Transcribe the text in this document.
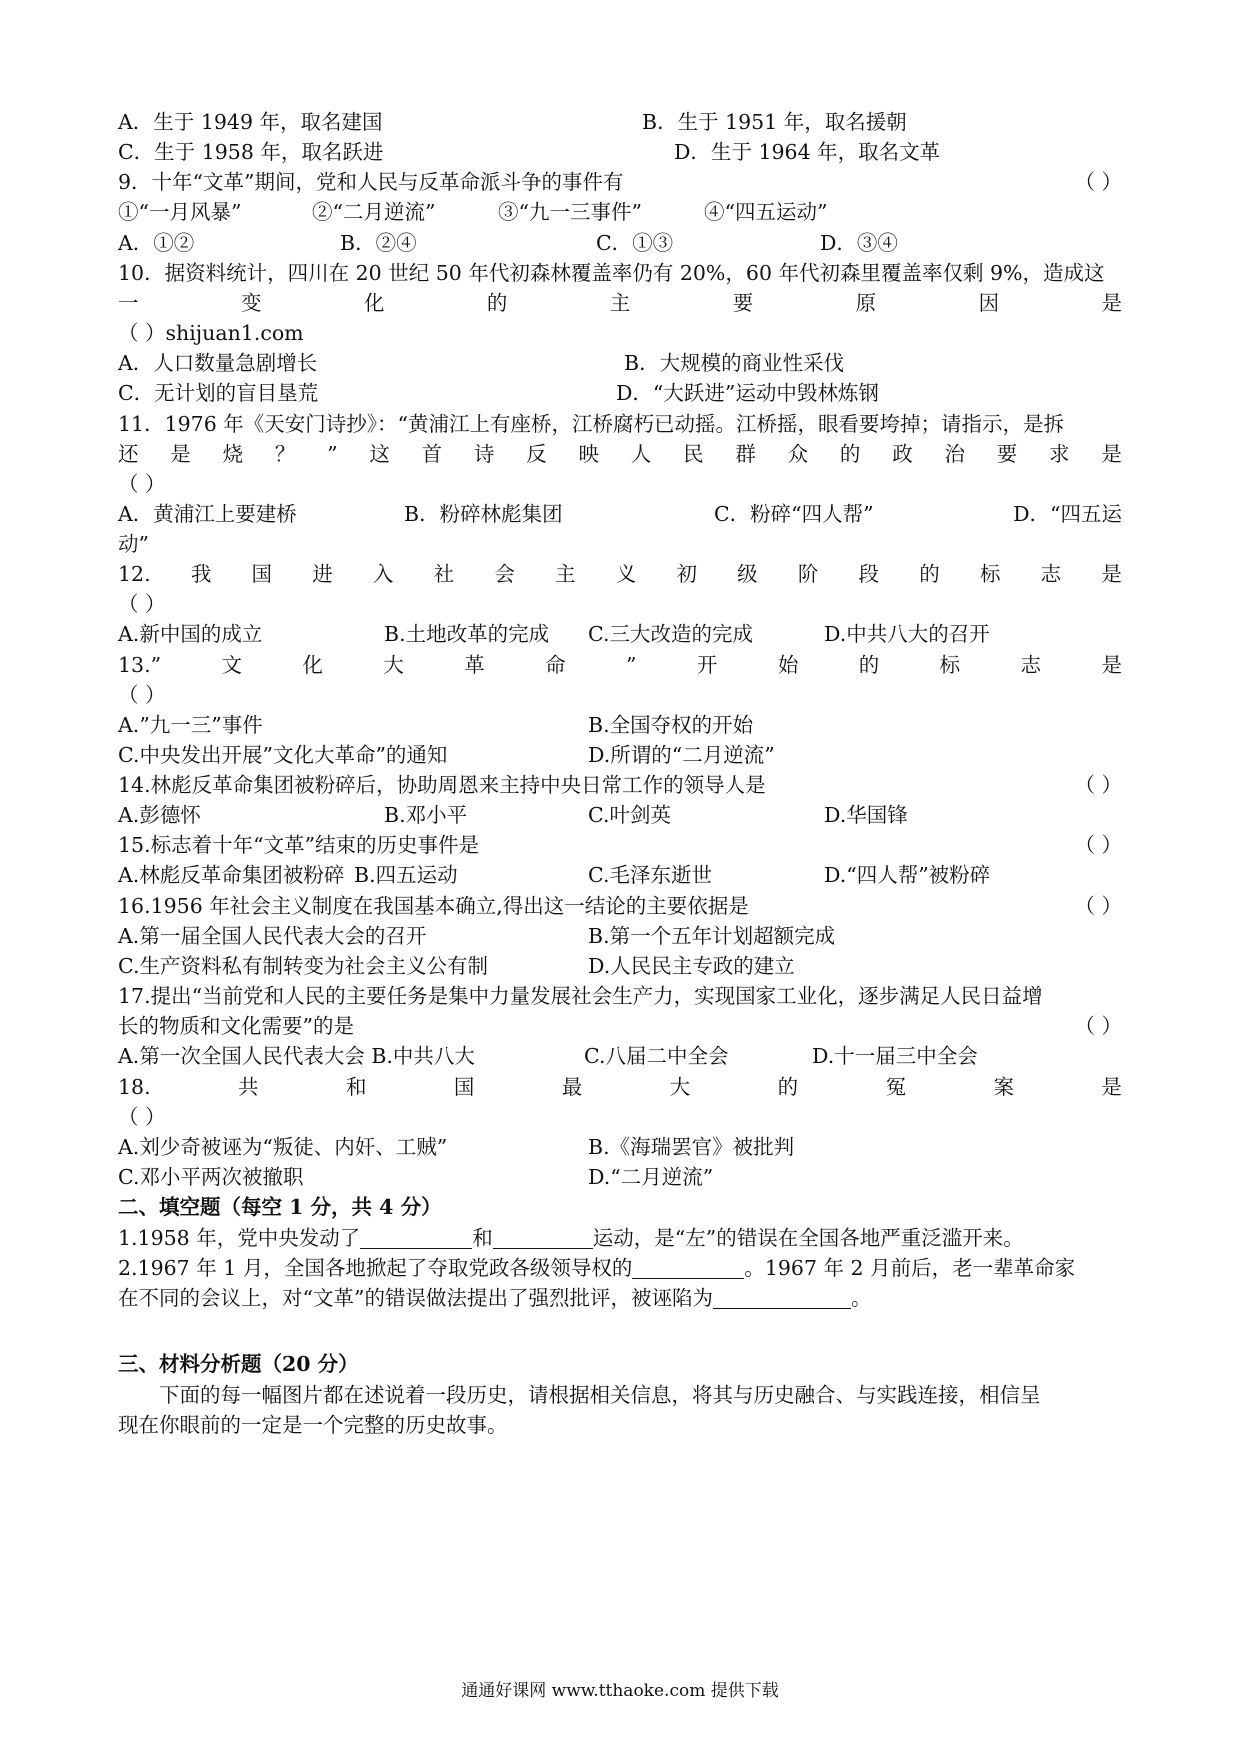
A．生于 1949 年，取名建国	B．生于 1951 年，取名援朝
C．生于 1958 年，取名跃进	D．生于 1964 年，取名文革
9．十年“文革”期间，党和人民与反革命派斗争的事件有	（ ）
①“一月风暴”	②“二月逆流”	③“九一三事件”	④“四五运动”
A．①②	B．②④	C．①③	D．③④
10．据资料统计，四川在 20 世纪 50 年代初森林覆盖率仍有 20%，60 年代初森里覆盖率仅剩 9%，造成这
一	变	化	的	主	要	原	因	是
（ ）shijuan1.com
A．人口数量急剧增长	B．大规模的商业性采伐
C．无计划的盲目垦荒	D．“大跃进”运动中毁林炼钢
11．1976 年《天安门诗抄》：“黄浦江上有座桥，江桥腐朽已动摇。江桥摇，眼看要垮掉；请指示，是拆
还 是 烧 ？ ” 这 首 诗 反 映 人 民 群 众 的 政 治 要 求 是
（ ）
A．黄浦江上要建桥	B．粉碎林彪集团	C．粉碎“四人帮”	D．“四五运
动”
12. 我 国 进 入 社 会 主 义 初 级 阶 段 的 标 志 是
（ ）
A.新中国的成立	B.土地改革的完成 C.三大改造的完成	D.中共八大的召开
13.”	文	化	大	革	命	”	开	始	的	标	志	是
（ ）
A.”九一三”事件	B.全国夺权的开始
C.中央发出开展”文化大革命”的通知	D.所谓的“二月逆流”
14.林彪反革命集团被粉碎后，协助周恩来主持中央日常工作的领导人是	（ ）
A.彭德怀	B.邓小平	C.叶剑英	D.华国锋
15.标志着十年“文革”结束的历史事件是	（ ）
A.林彪反革命集团被粉碎 B.四五运动	C.毛泽东逝世	D.“四人帮”被粉碎
16.1956 年社会主义制度在我国基本确立,得出这一结论的主要依据是	（ ）
A.第一届全国人民代表大会的召开	B.第一个五年计划超额完成
C.生产资料私有制转变为社会主义公有制	D.人民民主专政的建立
17.提出“当前党和人民的主要任务是集中力量发展社会生产力，实现国家工业化，逐步满足人民日益增
长的物质和文化需要”的是	（ ）
A.第一次全国人民代表大会 B.中共八大	C.八届二中全会	D.十一届三中全会
18.	共	和	国	最	大	的	冤	案	是
（ ）
A.刘少奇被诬为“叛徒、内奸、工贼”	B.《海瑞罢官》被批判
C.邓小平两次被撤职	D.“二月逆流”
二、填空题（每空 1 分，共 4 分）
1.1958 年，党中央发动了	和	运动，是“左”的错误在全国各地严重泛滥开来。
2.1967 年 1 月，全国各地掀起了夺取党政各级领导权的	。1967 年 2 月前后，老一辈革命家
在不同的会议上，对“文革”的错误做法提出了强烈批评，被诬陷为	。
三、材料分析题（20 分）
下面的每一幅图片都在述说着一段历史，请根据相关信息，将其与历史融合、与实践连接，相信呈
现在你眼前的一定是一个完整的历史故事。
通通好课网 www.tthaoke.com 提供下载
